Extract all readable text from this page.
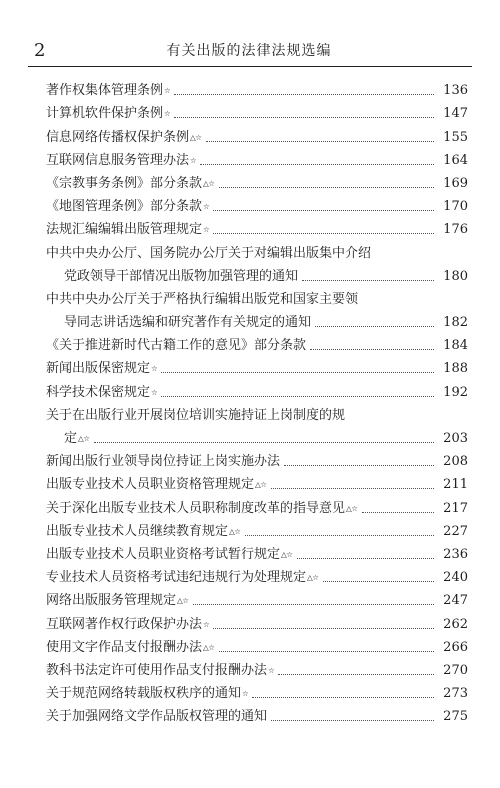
2	有关出版的法律法规选编
著作权集体管理条例 ☆	136
计算机软件保护条例 ☆	147
信息网络传播权保护条例 △☆	155
互联网信息服务管理办法 ☆	164
《宗教事务条例》部分条款 △☆	169
《地图管理条例》部分条款 ☆	170
法规汇编编辑出版管理规定 ☆	176
中共中央办公厅、国务院办公厅关于对编辑出版集中介绍
党政领导干部情况出版物加强管理的通知	180
中共中央办公厅关于严格执行编辑出版党和国家主要领
导同志讲话选编和研究著作有关规定的通知	182
《关于推进新时代古籍工作的意见》部分条款	184
新闻出版保密规定 ☆	188
科学技术保密规定 ☆	192
关于在出版行业开展岗位培训实施持证上岗制度的规
定 △☆	203
新闻出版行业领导岗位持证上岗实施办法	208
出版专业技术人员职业资格管理规定 △☆	211
关于深化出版专业技术人员职称制度改革的指导意见 △☆	217
出版专业技术人员继续教育规定 △☆	227
出版专业技术人员职业资格考试暂行规定 △☆	236
专业技术人员资格考试违纪违规行为处理规定 △☆	240
网络出版服务管理规定 △☆	247
互联网著作权行政保护办法 ☆	262
使用文字作品支付报酬办法 △☆	266
教科书法定许可使用作品支付报酬办法 ☆	270
关于规范网络转载版权秩序的通知 ☆	273
关于加强网络文学作品版权管理的通知	275
